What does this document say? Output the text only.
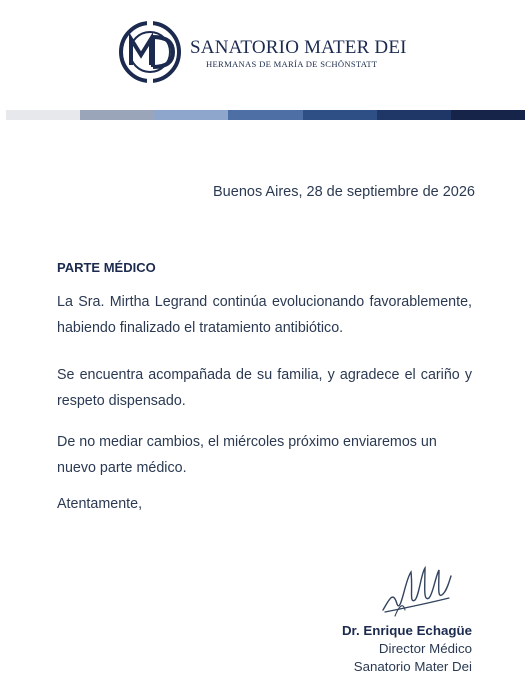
SANATORIO MATER DEI
HERMANAS DE MARÍA DE SCHÖNSTATT
Buenos Aires, 28 de septiembre de 2026
PARTE MÉDICO
La Sra. Mirtha Legrand continúa evolucionando favorablemente, habiendo finalizado el tratamiento antibiótico.
Se encuentra acompañada de su familia, y agradece el cariño y respeto dispensado.
De no mediar cambios, el miércoles próximo enviaremos un nuevo parte médico.
Atentamente,
Dr. Enrique Echagüe
Director Médico
Sanatorio Mater Dei
